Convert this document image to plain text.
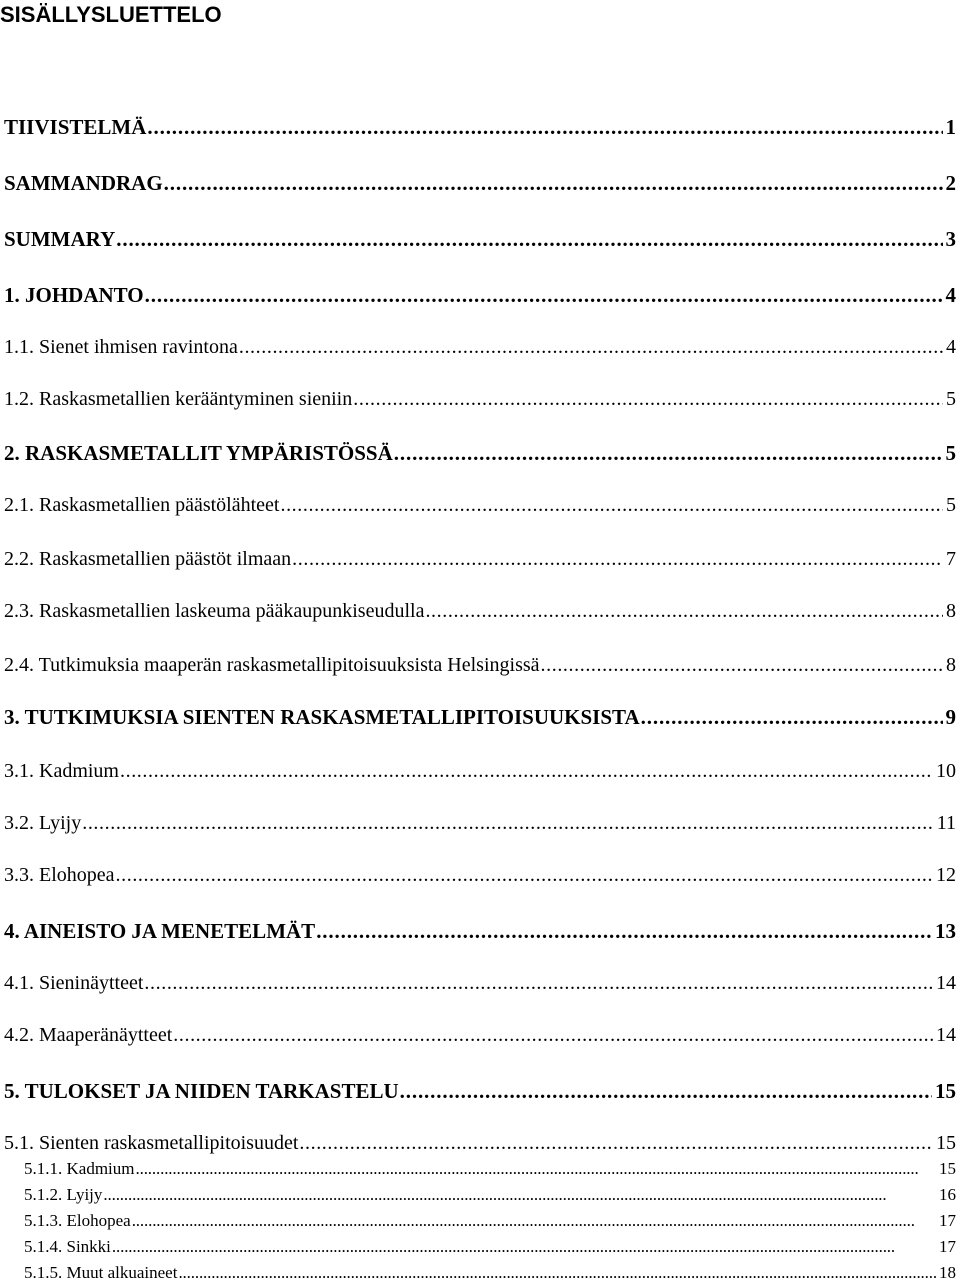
SISÄLLYSLUETTELO
TIIVISTELMÄ . . .	1
SAMMANDRAG . . .	2
SUMMARY . . .	3
1. JOHDANTO . . .	4
1.1. Sienet ihmisen ravintona . . .	4
1.2. Raskasmetallien kerääntyminen sieniin . . .	5
2. RASKASMETALLIT YMPÄRISTÖSSÄ . . .	5
2.1. Raskasmetallien päästölähteet . . .	5
2.2. Raskasmetallien päästöt ilmaan . . .	7
2.3. Raskasmetallien laskeuma pääkaupunkiseudulla . . .	8
2.4. Tutkimuksia maaperän raskasmetallipitoisuuksista Helsingissä . . .	8
3. TUTKIMUKSIA SIENTEN RASKASMETALLIPITOISUUKSISTA . . .	9
3.1. Kadmium . . .	10
3.2. Lyijy . . .	11
3.3. Elohopea . . .	12
4. AINEISTO JA MENETELMÄT . . .	13
4.1. Sieninäytteet . . .	14
4.2. Maaperänäytteet . . .	14
5. TULOKSET JA NIIDEN TARKASTELU . . .	15
5.1. Sienten raskasmetallipitoisuudet . . .	15
5.1.1. Kadmium . . .	15
5.1.2. Lyijy . . .	16
5.1.3. Elohopea . . .	17
5.1.4. Sinkki . . .	17
5.1.5. Muut alkuaineet . . .	18
